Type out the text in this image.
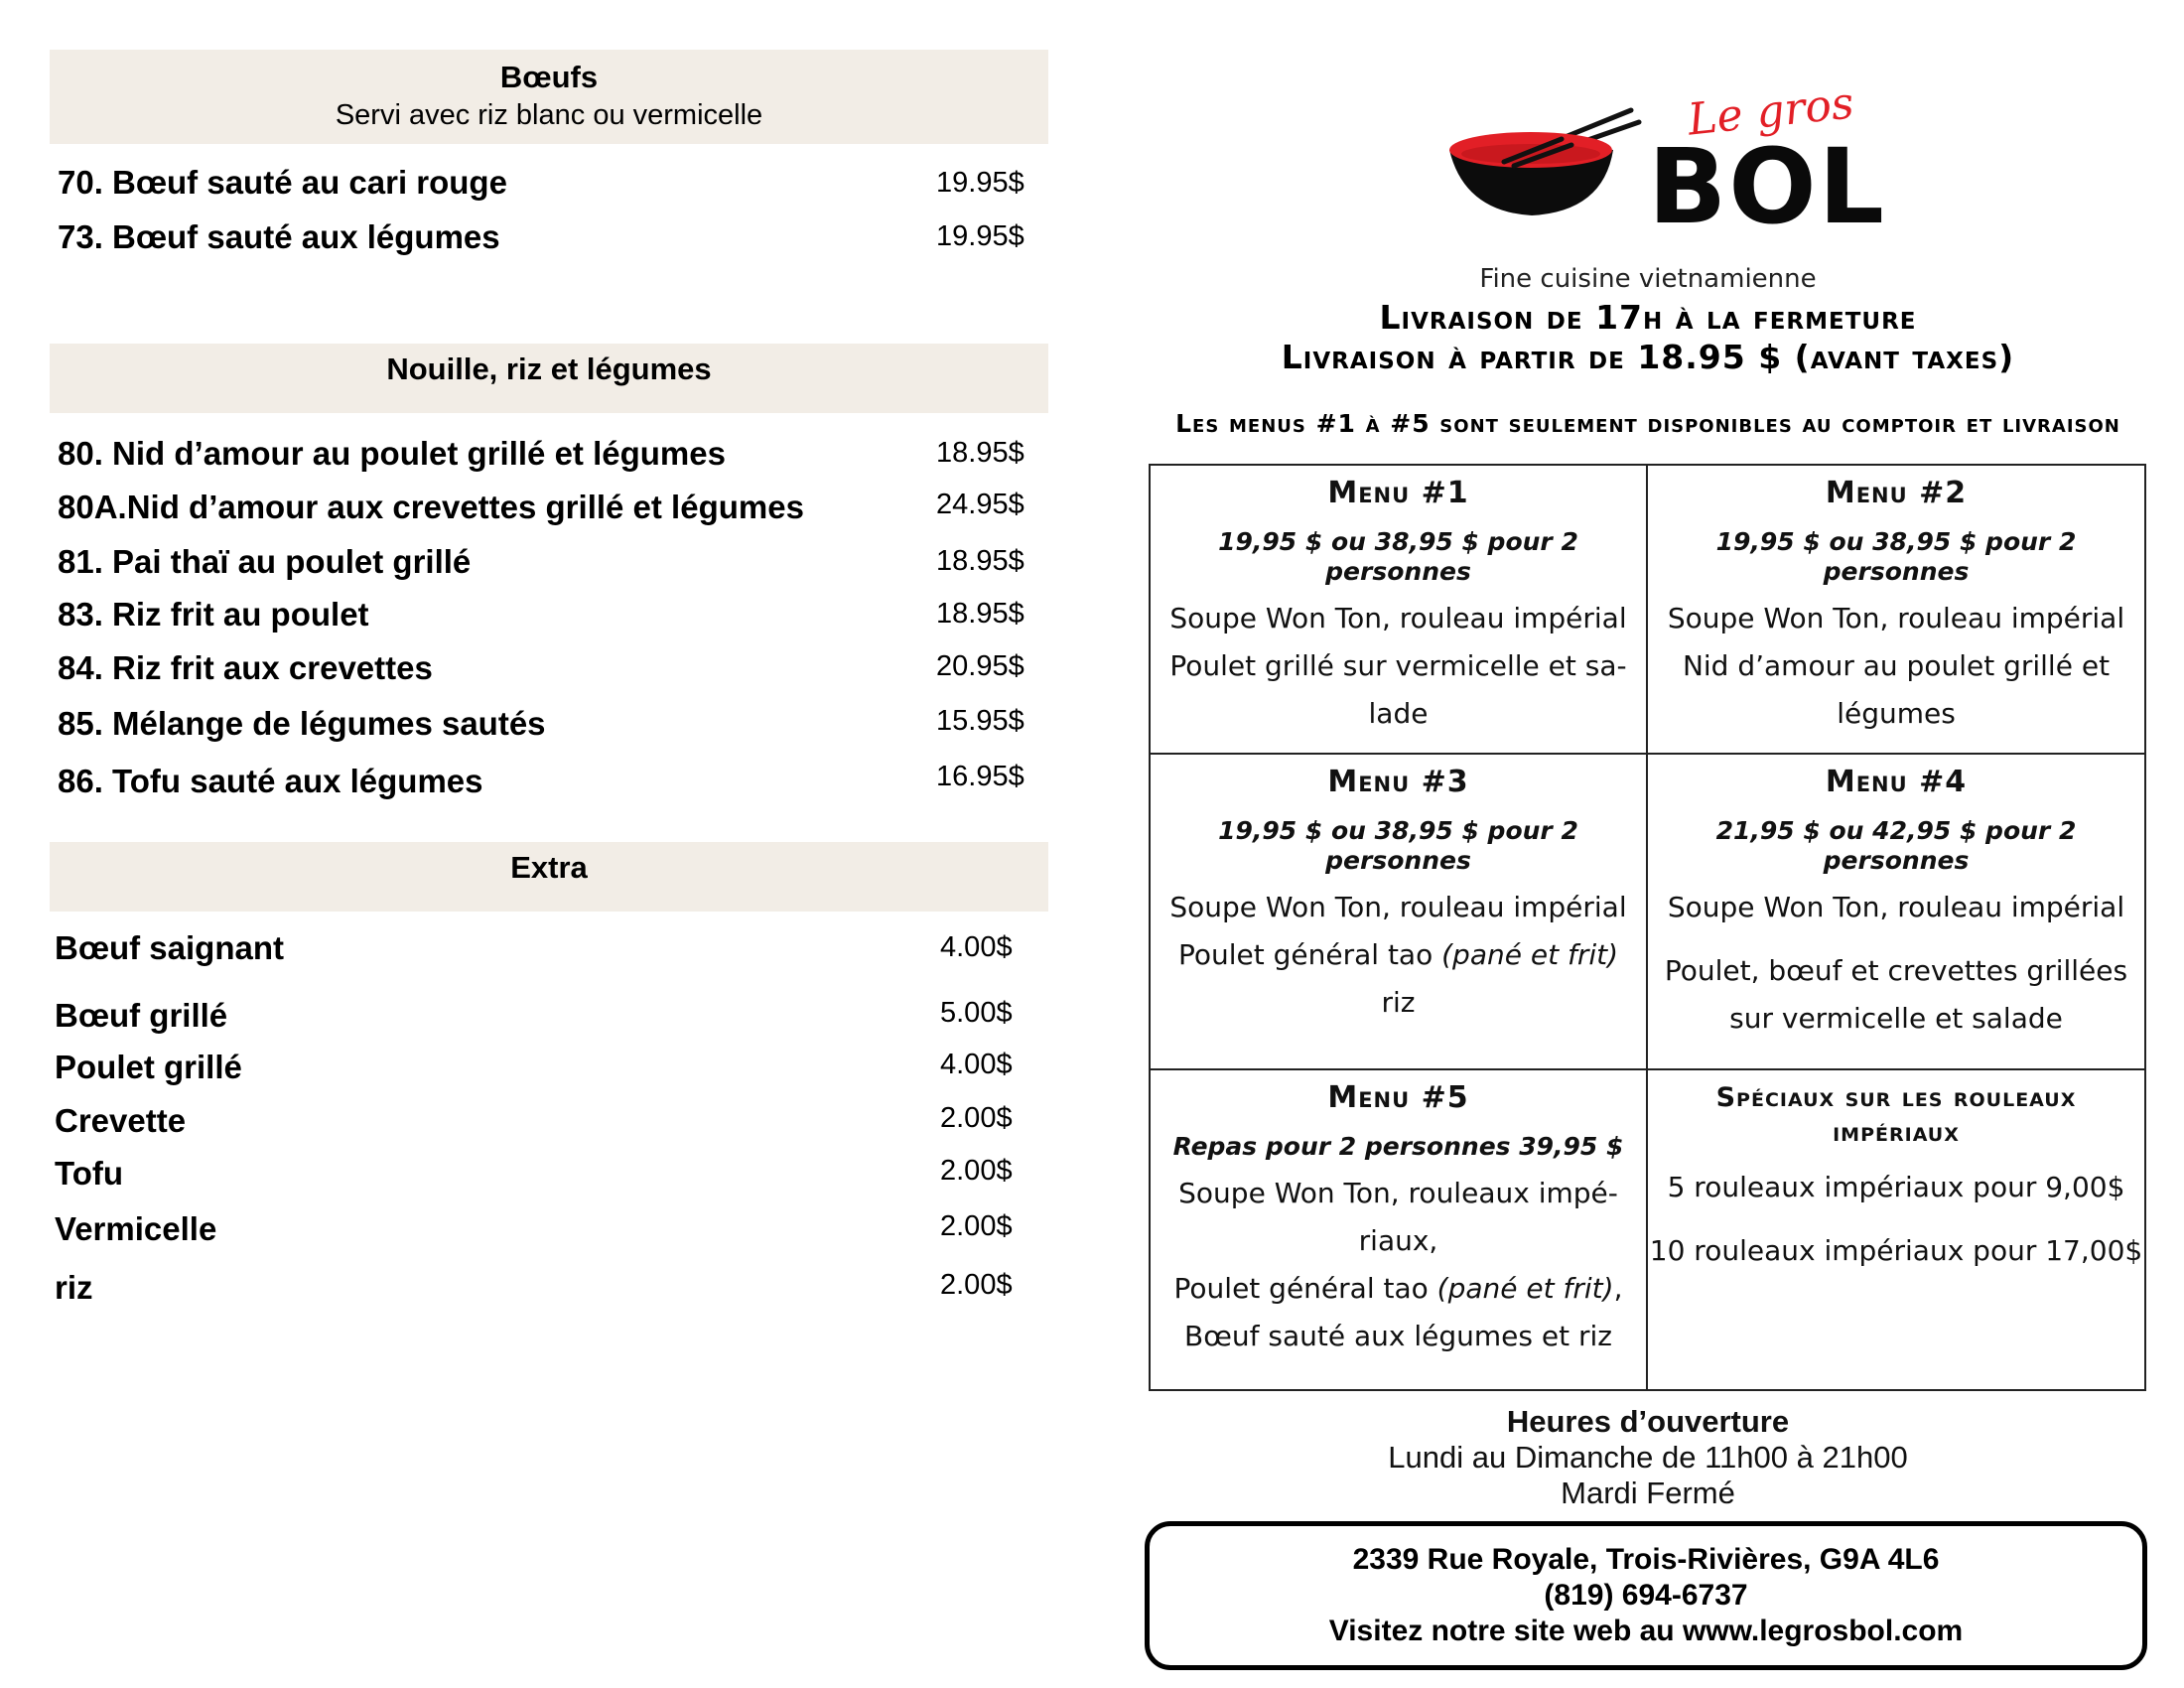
Bœufs
Servi avec riz blanc ou vermicelle
70. Bœuf sauté au cari rouge	19.95$
73. Bœuf sauté aux légumes	19.95$
Nouille, riz et légumes
80. Nid d’amour au poulet grillé et légumes	18.95$
80A.Nid d’amour aux crevettes grillé et légumes	24.95$
81. Pai thaï au poulet grillé	18.95$
83. Riz frit au poulet	18.95$
84. Riz frit aux crevettes	20.95$
85. Mélange de légumes sautés	15.95$
86. Tofu sauté aux légumes	16.95$
Extra
Bœuf saignant	4.00$
Bœuf grillé	5.00$
Poulet grillé	4.00$
Crevette	2.00$
Tofu	2.00$
Vermicelle	2.00$
riz	2.00$
Le gros
BOL
Fine cuisine vietnamienne
Livraison de 17h à la fermeture
Livraison à partir de 18.95 $ (avant taxes)
Les menus #1 à #5 sont seulement disponibles au comptoir et livraison
Menu #1
19,95 $ ou 38,95 $ pour 2 personnes
Soupe Won Ton, rouleau impérial
Poulet grillé sur vermicelle et sa-
lade
Menu #2
19,95 $ ou 38,95 $ pour 2 personnes
Soupe Won Ton, rouleau impérial
Nid d’amour au poulet grillé et
légumes
Menu #3
19,95 $ ou 38,95 $ pour 2 personnes
Soupe Won Ton, rouleau impérial
Poulet général tao (pané et frit)
riz
Menu #4
21,95 $ ou 42,95 $ pour 2 personnes
Soupe Won Ton, rouleau impérial
Poulet, bœuf et crevettes grillées
sur vermicelle et salade
Menu #5
Repas pour 2 personnes 39,95 $
Soupe Won Ton, rouleaux impé-
riaux,
Poulet général tao (pané et frit),
Bœuf sauté aux légumes et riz
Spéciaux sur les rouleaux
impériaux
5 rouleaux impériaux pour 9,00$
10 rouleaux impériaux pour 17,00$
Heures d’ouverture
Lundi au Dimanche de 11h00 à 21h00
Mardi Fermé
2339 Rue Royale, Trois-Rivières, G9A 4L6
(819) 694-6737
Visitez notre site web au www.legrosbol.com
